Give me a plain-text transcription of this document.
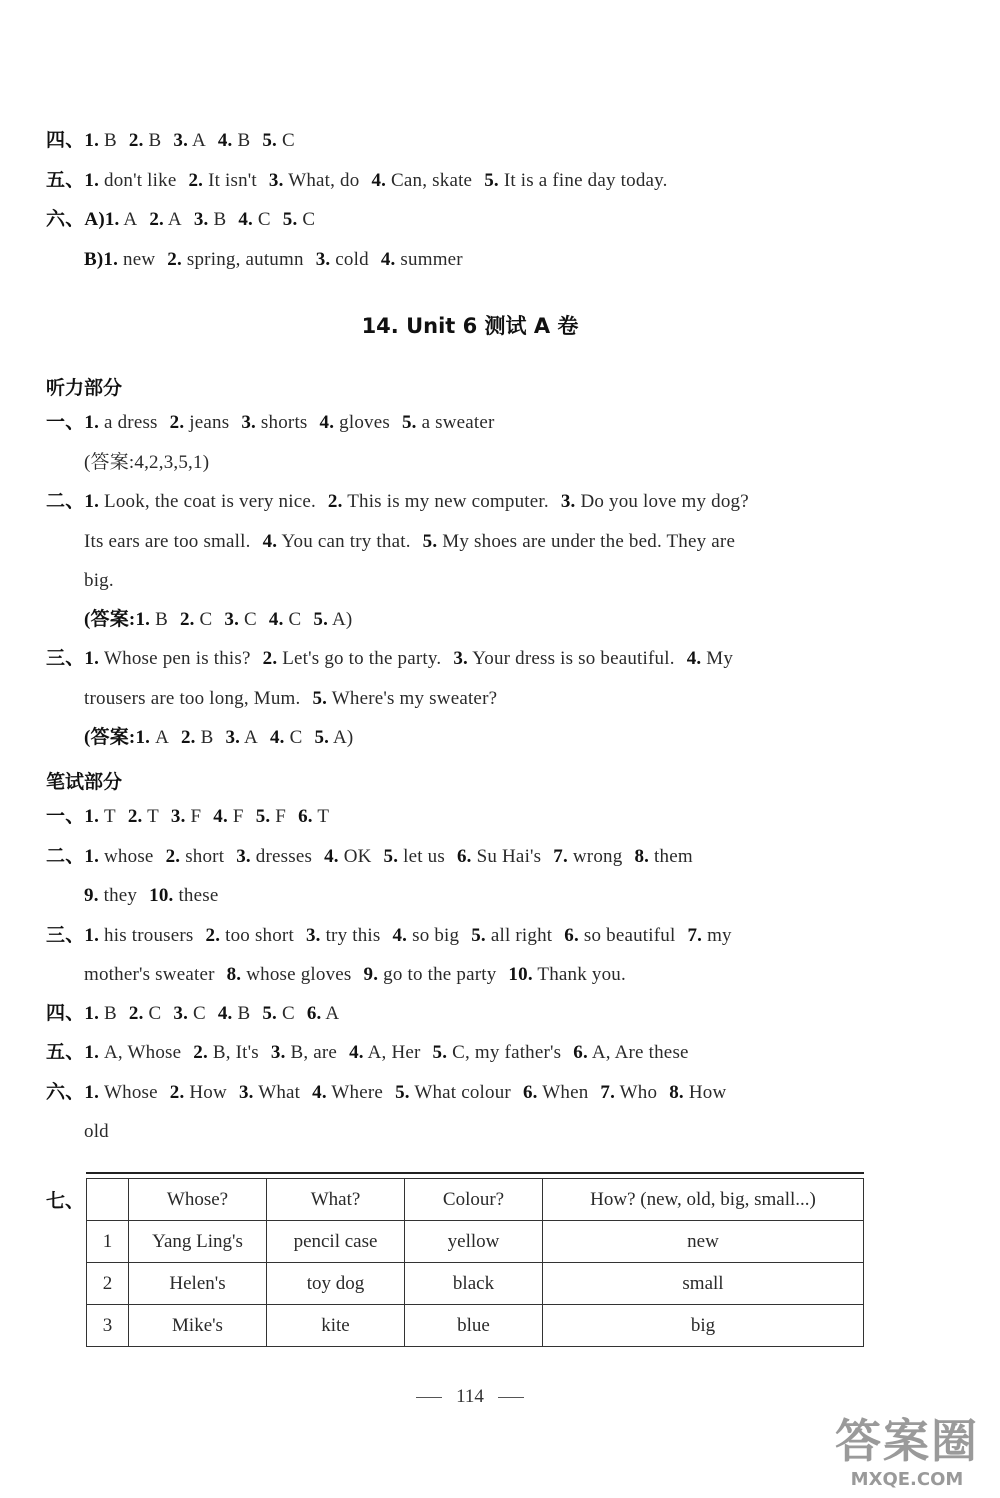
四、1. B 2. B 3. A 4. B 5. C
五、1. don't like 2. It isn't 3. What, do 4. Can, skate 5. It is a fine day today.
六、A)1. A 2. A 3. B 4. C 5. C
B)1. new 2. spring, autumn 3. cold 4. summer
一、1. a dress 2. jeans 3. shorts 4. gloves 5. a sweater
(答案:4,2,3,5,1)
二、1. Look, the coat is very nice. 2. This is my new computer. 3. Do you love my dog?
Its ears are too small. 4. You can try that. 5. My shoes are under the bed. They are
big.
(答案:1. B 2. C 3. C 4. C 5. A)
三、1. Whose pen is this? 2. Let's go to the party. 3. Your dress is so beautiful. 4. My
trousers are too long, Mum. 5. Where's my sweater?
(答案:1. A 2. B 3. A 4. C 5. A)
一、1. T 2. T 3. F 4. F 5. F 6. T
二、1. whose 2. short 3. dresses 4. OK 5. let us 6. Su Hai's 7. wrong 8. them
9. they 10. these
三、1. his trousers 2. too short 3. try this 4. so big 5. all right 6. so beautiful 7. my
mother's sweater 8. whose gloves 9. go to the party 10. Thank you.
四、1. B 2. C 3. C 4. B 5. C 6. A
五、1. A, Whose 2. B, It's 3. B, are 4. A, Her 5. C, my father's 6. A, Are these
六、1. Whose 2. How 3. What 4. Where 5. What colour 6. When 7. Who 8. How
old
14. Unit 6 测试 A 卷
听力部分
笔试部分
七、
		Whose?	What?	Colour?	How? (new, old, big, small...)
1	Yang Ling's	pencil case	yellow	new
2	Helen's	toy dog	black	small
3	Mike's	kite	blue	big
114
答案圈
MXQE.COM
